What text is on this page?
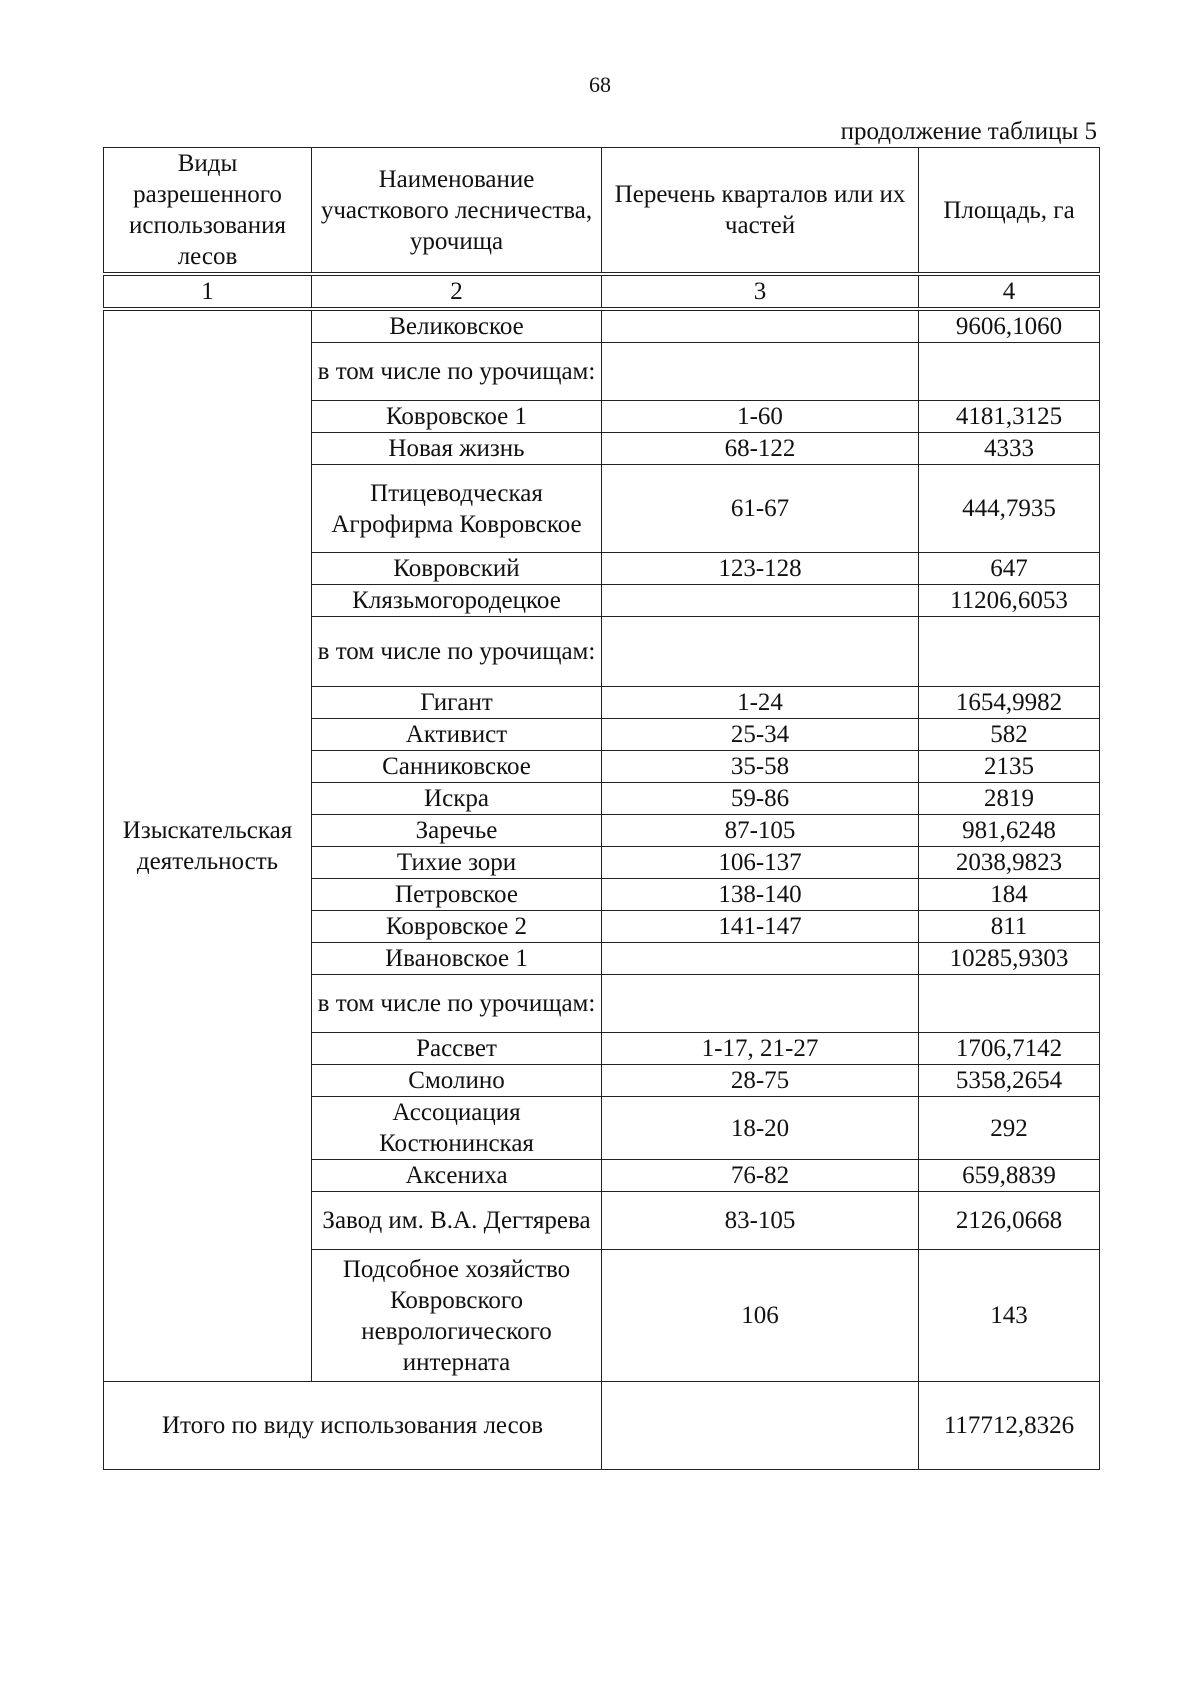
68
продолжение таблицы 5
Виды разрешенного использования лесов	Наименование участкового лесничества, урочища	Перечень кварталов или их частей	Площадь, га
1	2	3	4
Изыскательская деятельность	Великовское		9606,1060
	в том числе по урочищам:		
	Ковровское 1	1-60	4181,3125
	Новая жизнь	68-122	4333
	Птицеводческая Агрофирма Ковровское	61-67	444,7935
	Ковровский	123-128	647
	Клязьмогородецкое		11206,6053
	в том числе по урочищам:		
	Гигант	1-24	1654,9982
	Активист	25-34	582
	Санниковское	35-58	2135
	Искра	59-86	2819
	Заречье	87-105	981,6248
	Тихие зори	106-137	2038,9823
	Петровское	138-140	184
	Ковровское 2	141-147	811
	Ивановское 1		10285,9303
	в том числе по урочищам:		
	Рассвет	1-17, 21-27	1706,7142
	Смолино	28-75	5358,2654
	Ассоциация Костюнинская	18-20	292
	Аксениха	76-82	659,8839
	Завод им. В.А. Дегтярева	83-105	2126,0668
	Подсобное хозяйство Ковровского неврологического интерната	106	143
Итого по виду использования лесов			117712,8326
